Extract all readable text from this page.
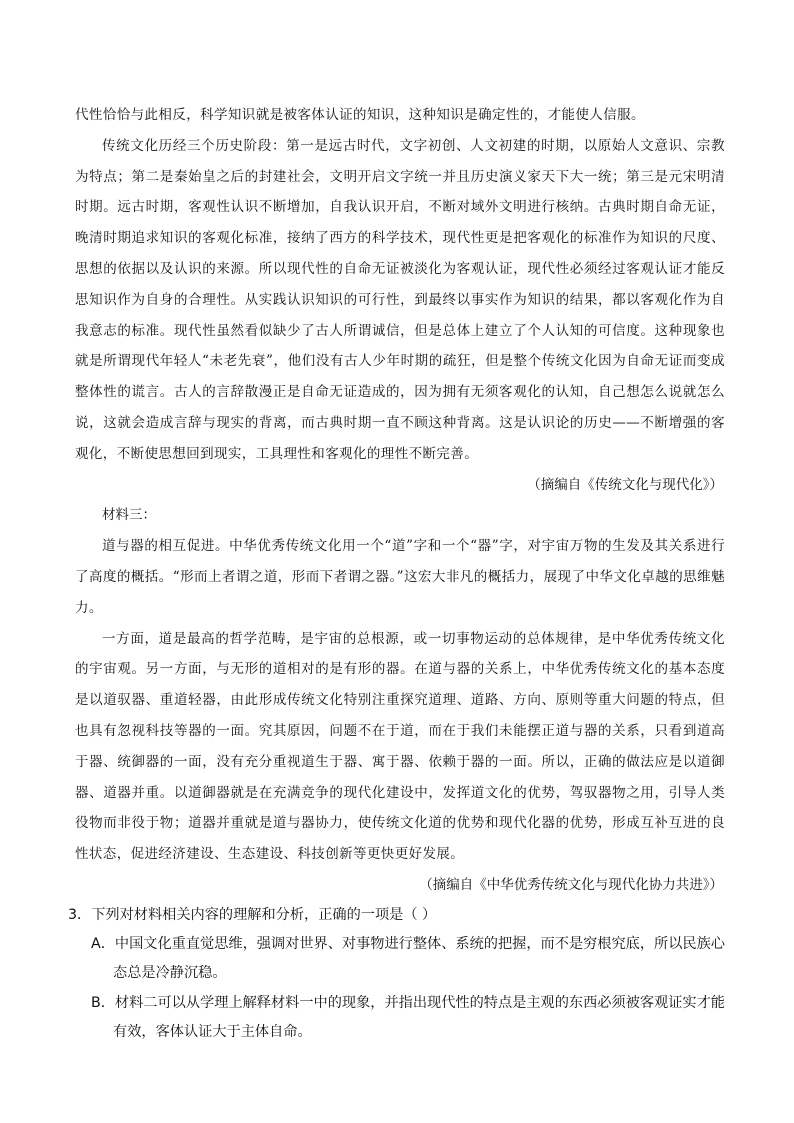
代性恰恰与此相反，科学知识就是被客体认证的知识，这种知识是确定性的，才能使人信服。

传统文化历经三个历史阶段：第一是远古时代，文字初创、人文初建的时期，以原始人文意识、宗教为特点；第二是秦始皇之后的封建社会，文明开启文字统一并且历史演义家天下大一统；第三是元宋明清时期。远古时期，客观性认识不断增加，自我认识开启，不断对域外文明进行核纳。古典时期自命无证，晚清时期追求知识的客观化标准，接纳了西方的科学技术，现代性更是把客观化的标准作为知识的尺度、思想的依据以及认识的来源。所以现代性的自命无证被淡化为客观认证，现代性必须经过客观认证才能反思知识作为自身的合理性。从实践认识知识的可行性，到最终以事实作为知识的结果，都以客观化作为自我意志的标准。现代性虽然看似缺少了古人所谓诚信，但是总体上建立了个人认知的可信度。这种现象也就是所谓现代年轻人“未老先衰”，他们没有古人少年时期的疏狂，但是整个传统文化因为自命无证而变成整体性的谎言。古人的言辞散漫正是自命无证造成的，因为拥有无须客观化的认知，自己想怎么说就怎么说，这就会造成言辞与现实的背离，而古典时期一直不顾这种背离。这是认识论的历史——不断增强的客观化，不断使思想回到现实，工具理性和客观化的理性不断完善。

（摘编自《传统文化与现代化》）

材料三：

道与器的相互促进。中华优秀传统文化用一个“道”字和一个“器”字，对宇宙万物的生发及其关系进行了高度的概括。“形而上者谓之道，形而下者谓之器。”这宏大非凡的概括力，展现了中华文化卓越的思维魅力。

一方面，道是最高的哲学范畴，是宇宙的总根源，或一切事物运动的总体规律，是中华优秀传统文化的宇宙观。另一方面，与无形的道相对的是有形的器。在道与器的关系上，中华优秀传统文化的基本态度是以道驭器、重道轻器，由此形成传统文化特别注重探究道理、道路、方向、原则等重大问题的特点，但也具有忽视科技等器的一面。究其原因，问题不在于道，而在于我们未能摆正道与器的关系，只看到道高于器、统御器的一面，没有充分重视道生于器、寓于器、依赖于器的一面。所以，正确的做法应是以道御器、道器并重。以道御器就是在充满竞争的现代化建设中，发挥道文化的优势，驾驭器物之用，引导人类役物而非役于物；道器并重就是道与器协力，使传统文化道的优势和现代化器的优势，形成互补互进的良性状态，促进经济建设、生态建设、科技创新等更快更好发展。

（摘编自《中华优秀传统文化与现代化协力共进》）

3．下列对材料相关内容的理解和分析，正确的一项是（ ）

A．中国文化重直觉思维，强调对世界、对事物进行整体、系统的把握，而不是穷根究底，所以民族心态总是冷静沉稳。

B．材料二可以从学理上解释材料一中的现象，并指出现代性的特点是主观的东西必须被客观证实才能有效，客体认证大于主体自命。
